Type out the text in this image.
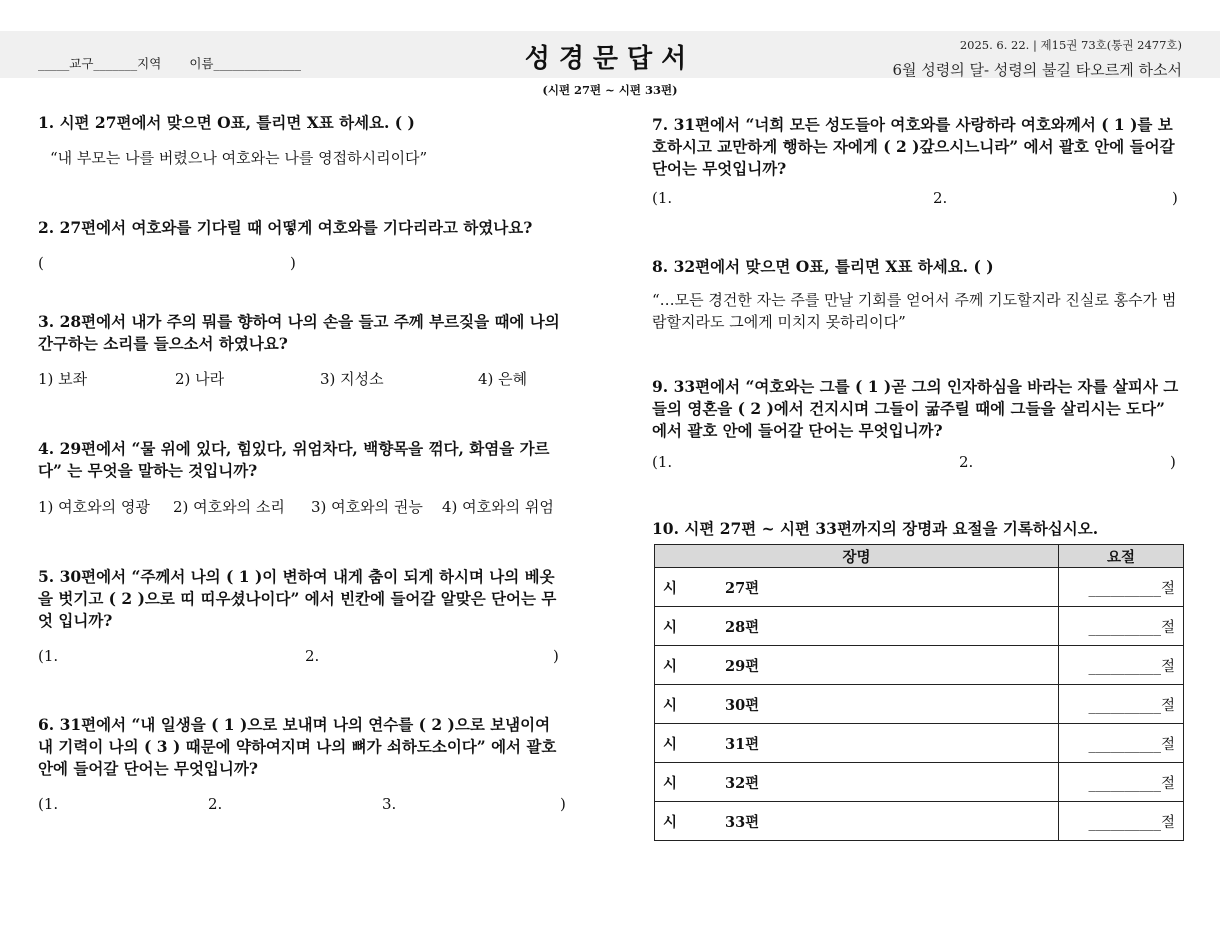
_____교구_______지역 이름______________	성경문답서
(시편 27편 ~ 시편 33편)
2025. 6. 22. | 제15권 73호(통권 2477호)
6월 성령의 달- 성령의 불길 타오르게 하소서
1. 시편 27편에서 맞으면 O표, 틀리면 X표 하세요. ( )
“내 부모는 나를 버렸으나 여호와는 나를 영접하시리이다”
2. 27편에서 여호와를 기다릴 때 어떻게 여호와를 기다리라고 하였나요?
(	)
3. 28편에서 내가 주의 뭐를 향하여 나의 손을 들고 주께 부르짖을 때에 나의 간구하는 소리를 들으소서 하였나요?
1) 보좌	2) 나라	3) 지성소	4) 은혜
4. 29편에서 “물 위에 있다, 힘있다, 위엄차다, 백향목을 꺾다, 화염을 가르다” 는 무엇을 말하는 것입니까?
1) 여호와의 영광 2) 여호와의 소리 3) 여호와의 권능 4) 여호와의 위엄
5. 30편에서 “주께서 나의 ( 1 )이 변하여 내게 춤이 되게 하시며 나의 베옷을 벗기고 ( 2 )으로 띠 띠우셨나이다” 에서 빈칸에 들어갈 알맞은 단어는 무엇 입니까?
(1.	2.	)
6. 31편에서 “내 일생을 ( 1 )으로 보내며 나의 연수를 ( 2 )으로 보냄이여 내 기력이 나의 ( 3 ) 때문에 약하여지며 나의 뼈가 쇠하도소이다” 에서 괄호 안에 들어갈 단어는 무엇입니까?
(1.	2.	3.	)
7. 31편에서 “너희 모든 성도들아 여호와를 사랑하라 여호와께서 ( 1 )를 보호하시고 교만하게 행하는 자에게 ( 2 )갚으시느니라” 에서 괄호 안에 들어갈 단어는 무엇입니까?
(1.	2.	)
8. 32편에서 맞으면 O표, 틀리면 X표 하세요. ( )
“…모든 경건한 자는 주를 만날 기회를 얻어서 주께 기도할지라 진실로 홍수가 범람할지라도 그에게 미치지 못하리이다”
9. 33편에서 “여호와는 그를 ( 1 )곧 그의 인자하심을 바라는 자를 살피사 그들의 영혼을 ( 2 )에서 건지시며 그들이 굶주릴 때에 그들을 살리시는 도다” 에서 괄호 안에 들어갈 단어는 무엇입니까?
(1.	2.	)
10. 시편 27편 ~ 시편 33편까지의 장명과 요절을 기록하십시오.
장명	요절
시 27편	__________절
시 28편	__________절
시 29편	__________절
시 30편	__________절
시 31편	__________절
시 32편	__________절
시 33편	__________절
